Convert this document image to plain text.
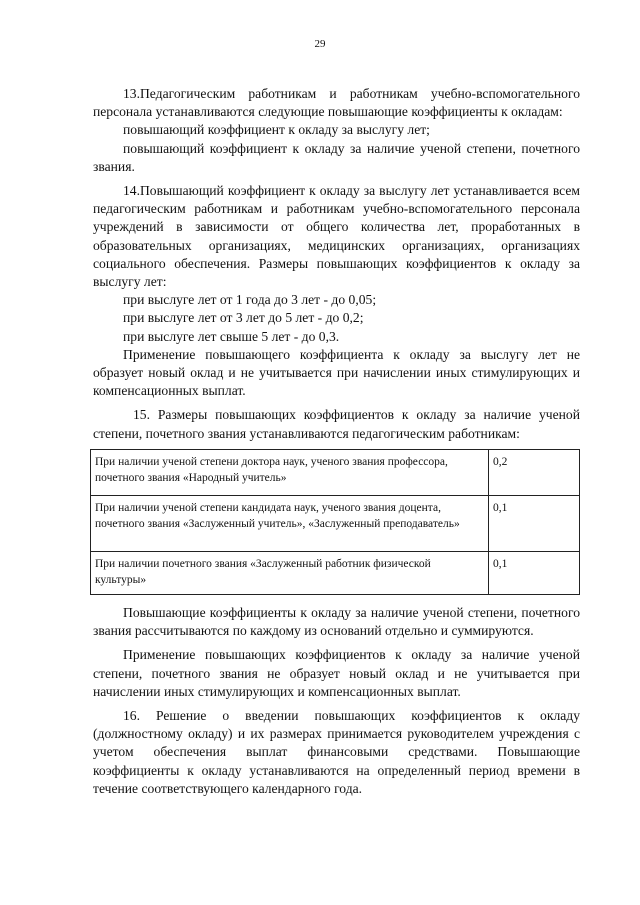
29

13.Педагогическим работникам и работникам учебно-вспомогательного персонала устанавливаются следующие повышающие коэффициенты к окладам:

повышающий коэффициент к окладу за выслугу лет;

повышающий коэффициент к окладу за наличие ученой степени, почетного звания.

14.Повышающий коэффициент к окладу за выслугу лет устанавливается всем педагогическим работникам и работникам учебно-вспомогательного персонала учреждений в зависимости от общего количества лет, проработанных в образовательных организациях, медицинских организациях, организациях социального обеспечения. Размеры повышающих коэффициентов к окладу за выслугу лет:

при выслуге лет от 1 года до 3 лет - до 0,05;

при выслуге лет от 3 лет до 5 лет - до 0,2;

при выслуге лет свыше 5 лет - до 0,3.

Применение повышающего коэффициента к окладу за выслугу лет не образует новый оклад и не учитывается при начислении иных стимулирующих и компенсационных выплат.

15. Размеры повышающих коэффициентов к окладу за наличие ученой степени, почетного звания устанавливаются педагогическим работникам:

При наличии ученой степени доктора наук, ученого звания профессора, почетного звания «Народный учитель»	0,2
При наличии ученой степени кандидата наук, ученого звания доцента, почетного звания «Заслуженный учитель», «Заслуженный преподаватель»	0,1
При наличии почетного звания «Заслуженный работник физической культуры»	0,1

Повышающие коэффициенты к окладу за наличие ученой степени, почетного звания рассчитываются по каждому из оснований отдельно и суммируются.

Применение повышающих коэффициентов к окладу за наличие ученой степени, почетного звания не образует новый оклад и не учитывается при начислении иных стимулирующих и компенсационных выплат.

16. Решение о введении повышающих коэффициентов к окладу (должностному окладу) и их размерах принимается руководителем учреждения с учетом обеспечения выплат финансовыми средствами. Повышающие коэффициенты к окладу устанавливаются на определенный период времени в течение соответствующего календарного года.
